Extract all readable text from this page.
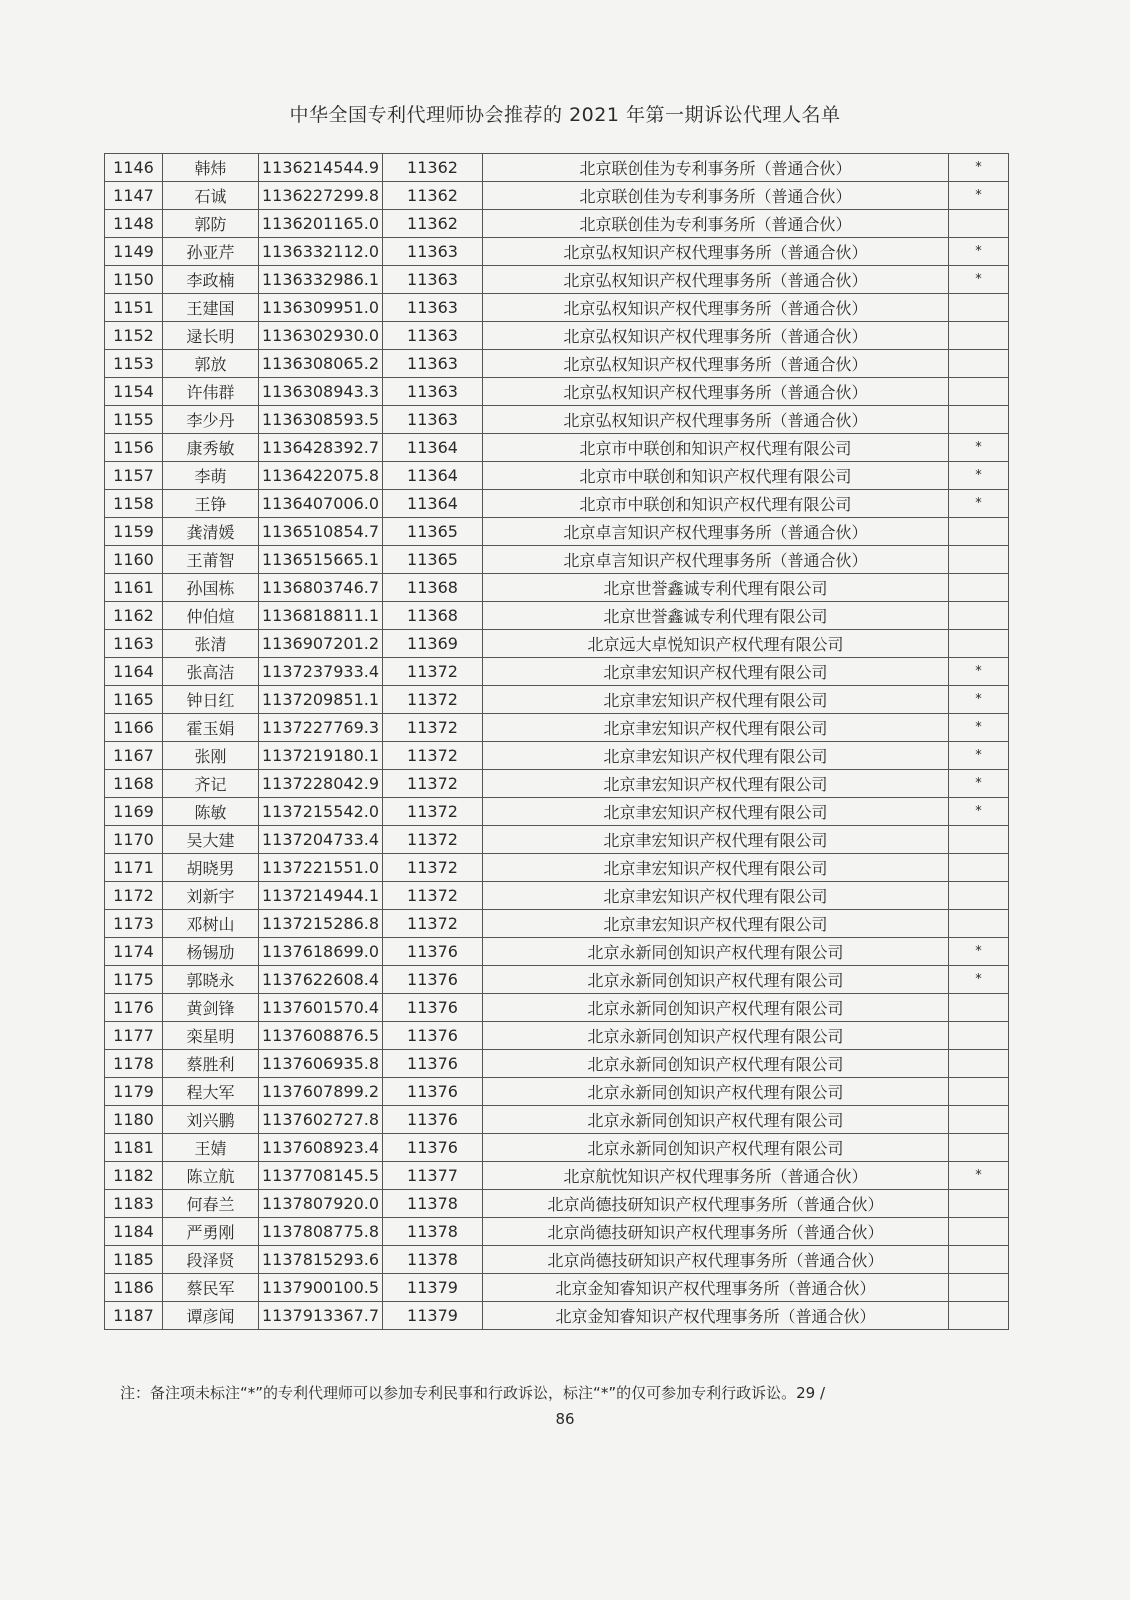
中华全国专利代理师协会推荐的 2021 年第一期诉讼代理人名单
1146	韩炜	1136214544.9	11362	北京联创佳为专利事务所（普通合伙）	*
1147	石诚	1136227299.8	11362	北京联创佳为专利事务所（普通合伙）	*
1148	郭防	1136201165.0	11362	北京联创佳为专利事务所（普通合伙）	
1149	孙亚芹	1136332112.0	11363	北京弘权知识产权代理事务所（普通合伙）	*
1150	李政楠	1136332986.1	11363	北京弘权知识产权代理事务所（普通合伙）	*
1151	王建国	1136309951.0	11363	北京弘权知识产权代理事务所（普通合伙）	
1152	逯长明	1136302930.0	11363	北京弘权知识产权代理事务所（普通合伙）	
1153	郭放	1136308065.2	11363	北京弘权知识产权代理事务所（普通合伙）	
1154	许伟群	1136308943.3	11363	北京弘权知识产权代理事务所（普通合伙）	
1155	李少丹	1136308593.5	11363	北京弘权知识产权代理事务所（普通合伙）	
1156	康秀敏	1136428392.7	11364	北京市中联创和知识产权代理有限公司	*
1157	李萌	1136422075.8	11364	北京市中联创和知识产权代理有限公司	*
1158	王铮	1136407006.0	11364	北京市中联创和知识产权代理有限公司	*
1159	龚清媛	1136510854.7	11365	北京卓言知识产权代理事务所（普通合伙）	
1160	王莆智	1136515665.1	11365	北京卓言知识产权代理事务所（普通合伙）	
1161	孙国栋	1136803746.7	11368	北京世誉鑫诚专利代理有限公司	
1162	仲伯煊	1136818811.1	11368	北京世誉鑫诚专利代理有限公司	
1163	张清	1136907201.2	11369	北京远大卓悦知识产权代理有限公司	
1164	张高洁	1137237933.4	11372	北京聿宏知识产权代理有限公司	*
1165	钟日红	1137209851.1	11372	北京聿宏知识产权代理有限公司	*
1166	霍玉娟	1137227769.3	11372	北京聿宏知识产权代理有限公司	*
1167	张刚	1137219180.1	11372	北京聿宏知识产权代理有限公司	*
1168	齐记	1137228042.9	11372	北京聿宏知识产权代理有限公司	*
1169	陈敏	1137215542.0	11372	北京聿宏知识产权代理有限公司	*
1170	吴大建	1137204733.4	11372	北京聿宏知识产权代理有限公司	
1171	胡晓男	1137221551.0	11372	北京聿宏知识产权代理有限公司	
1172	刘新宇	1137214944.1	11372	北京聿宏知识产权代理有限公司	
1173	邓树山	1137215286.8	11372	北京聿宏知识产权代理有限公司	
1174	杨锡劢	1137618699.0	11376	北京永新同创知识产权代理有限公司	*
1175	郭晓永	1137622608.4	11376	北京永新同创知识产权代理有限公司	*
1176	黄剑锋	1137601570.4	11376	北京永新同创知识产权代理有限公司	
1177	栾星明	1137608876.5	11376	北京永新同创知识产权代理有限公司	
1178	蔡胜利	1137606935.8	11376	北京永新同创知识产权代理有限公司	
1179	程大军	1137607899.2	11376	北京永新同创知识产权代理有限公司	
1180	刘兴鹏	1137602727.8	11376	北京永新同创知识产权代理有限公司	
1181	王婧	1137608923.4	11376	北京永新同创知识产权代理有限公司	
1182	陈立航	1137708145.5	11377	北京航忱知识产权代理事务所（普通合伙）	*
1183	何春兰	1137807920.0	11378	北京尚德技研知识产权代理事务所（普通合伙）	
1184	严勇刚	1137808775.8	11378	北京尚德技研知识产权代理事务所（普通合伙）	
1185	段泽贤	1137815293.6	11378	北京尚德技研知识产权代理事务所（普通合伙）	
1186	蔡民军	1137900100.5	11379	北京金知睿知识产权代理事务所（普通合伙）	
1187	谭彦闻	1137913367.7	11379	北京金知睿知识产权代理事务所（普通合伙）	
注：备注项未标注“*”的专利代理师可以参加专利民事和行政诉讼，标注“*”的仅可参加专利行政诉讼。29 /
86
